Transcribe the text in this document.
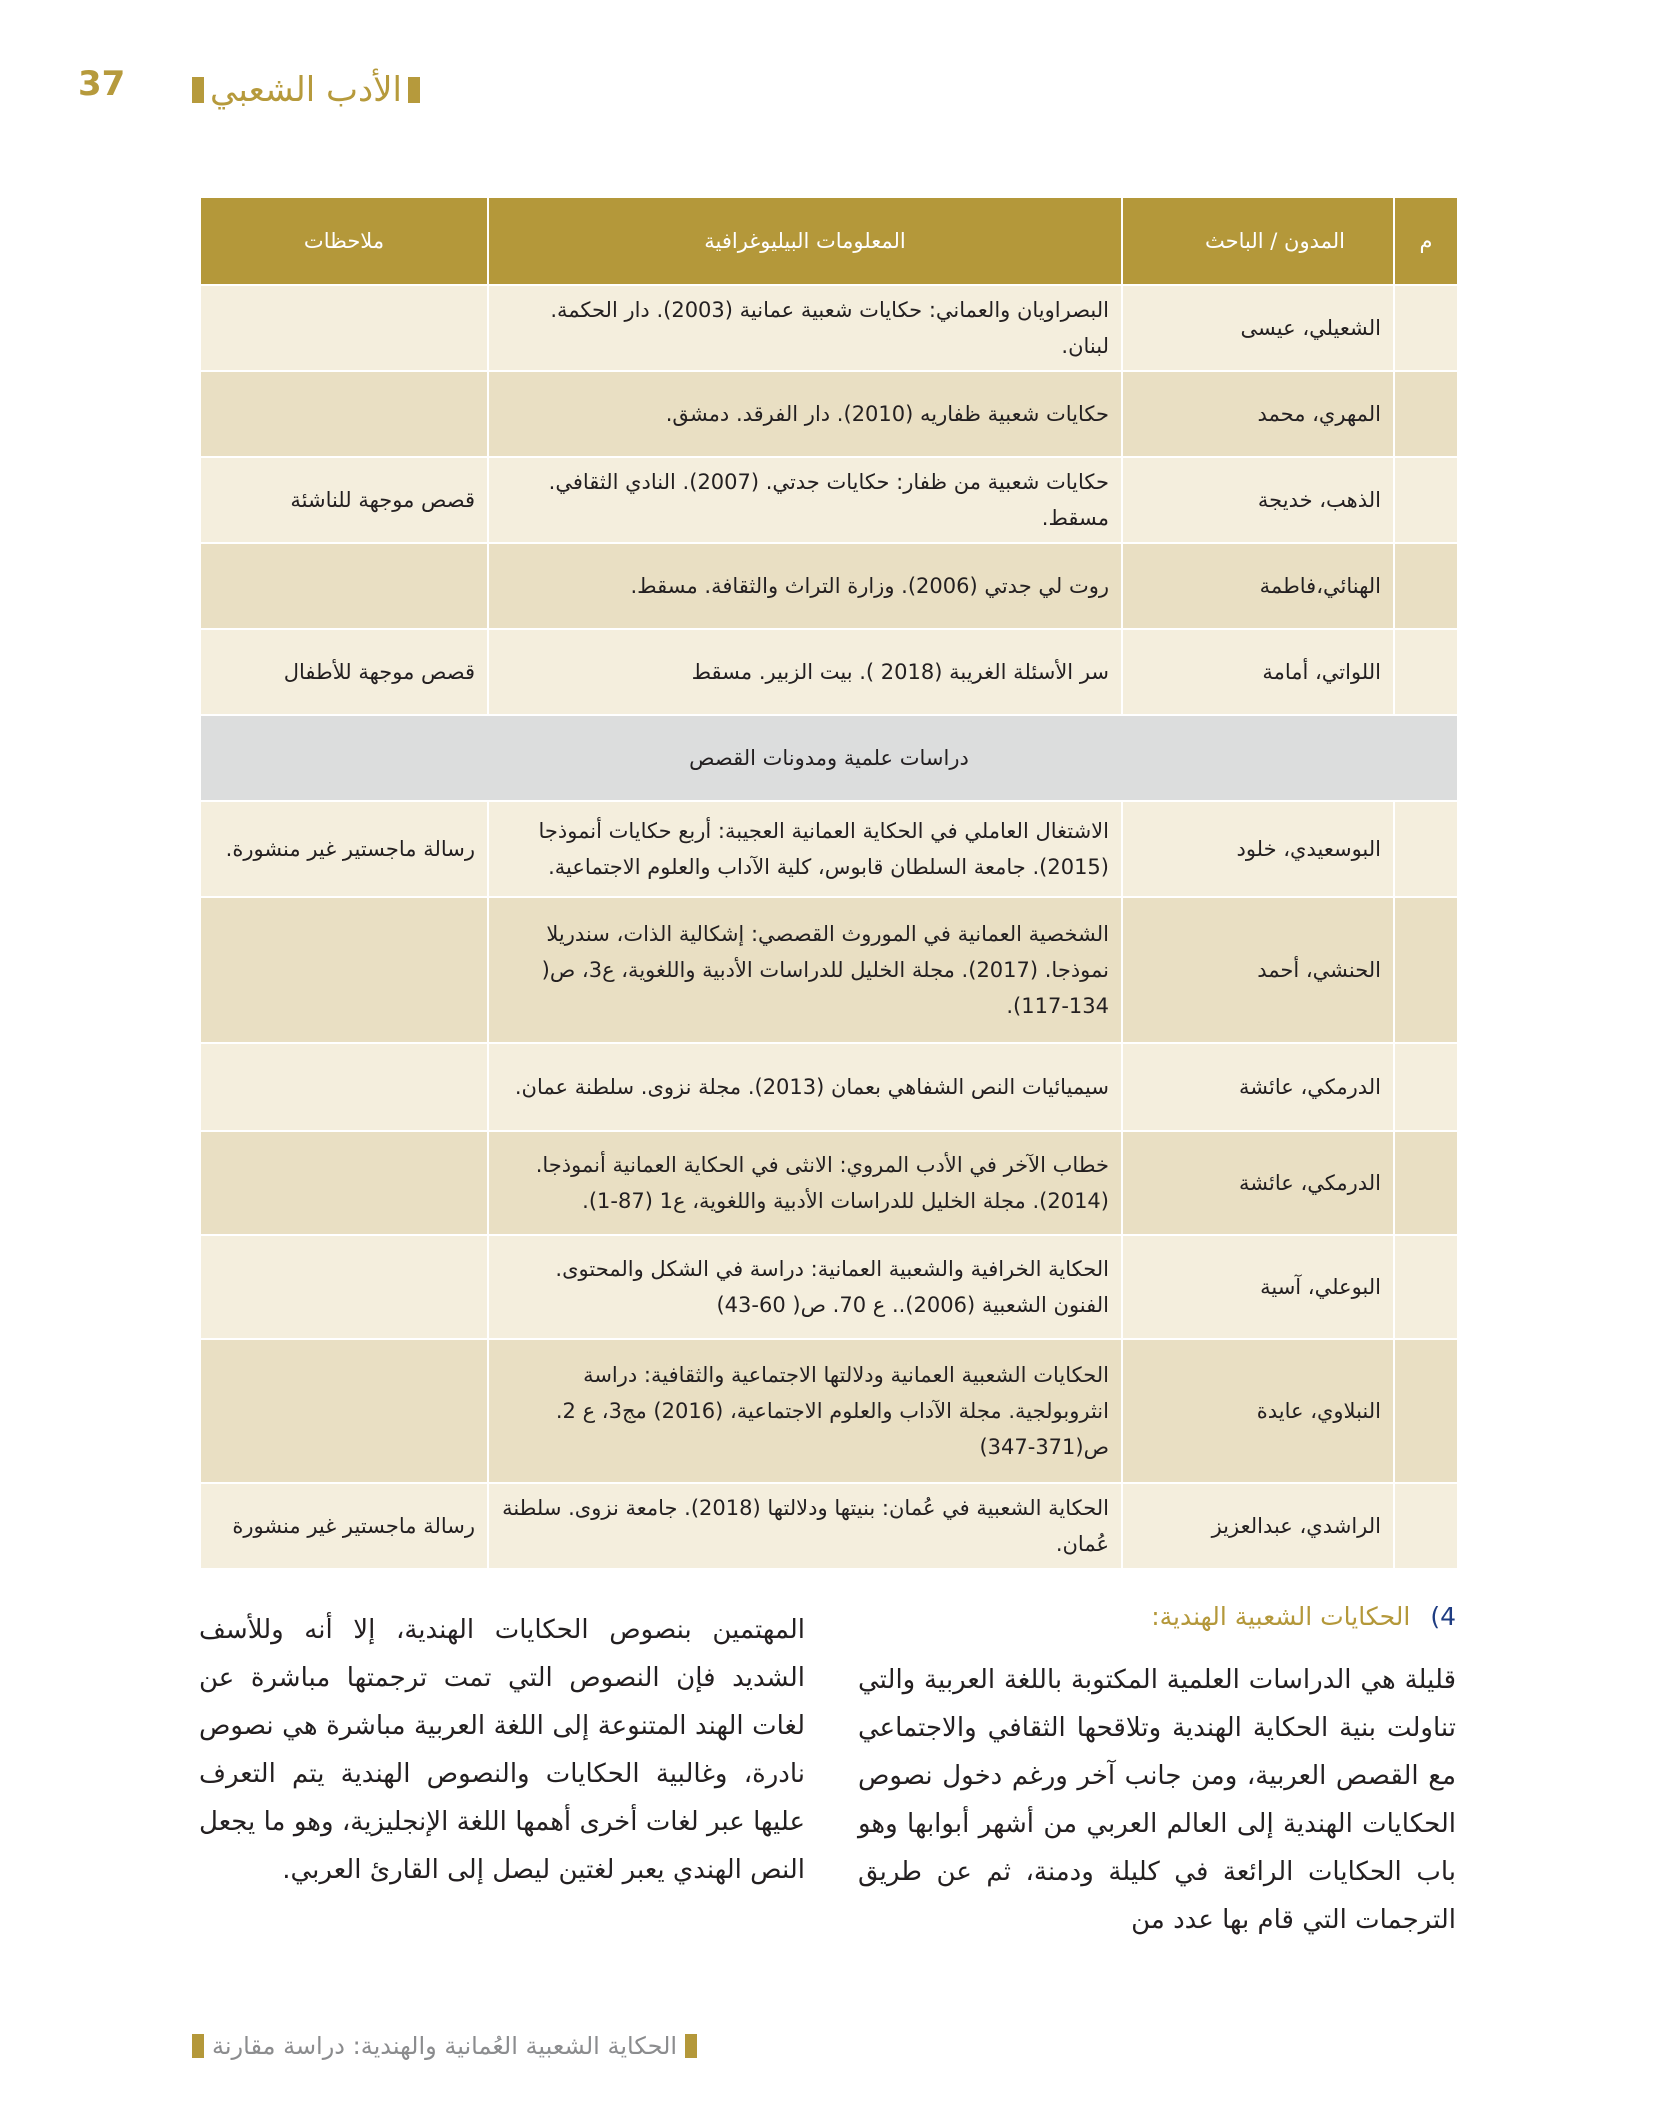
37 الأدب الشعبي
م	المدون / الباحث	المعلومات البيليوغرافية	ملاحظات
	الشعيلي، عيسى	البصراويان والعماني: حكايات شعبية عمانية (2003). دار الحكمة. لبنان.	
	المهري، محمد	حكايات شعبية ظفاريه (2010). دار الفرقد. دمشق.	
	الذهب، خديجة	حكايات شعبية من ظفار: حكايات جدتي. (2007). النادي الثقافي. مسقط.	قصص موجهة للناشئة
	الهنائي،فاطمة	روت لي جدتي (2006). وزارة التراث والثقافة. مسقط.	
	اللواتي، أمامة	سر الأسئلة الغريبة (2018 ). بيت الزبير. مسقط	قصص موجهة للأطفال
دراسات علمية ومدونات القصص			
	البوسعيدي، خلود	الاشتغال العاملي في الحكاية العمانية العجيبة: أربع حكايات أنموذجا (2015). جامعة السلطان قابوس، كلية الآداب والعلوم الاجتماعية.	رسالة ماجستير غير منشورة.
	الحنشي، أحمد	الشخصية العمانية في الموروث القصصي: إشكالية الذات، سندريلا نموذجا. (2017). مجلة الخليل للدراسات الأدبية واللغوية، ع3، ص( 134-117).	
	الدرمكي، عائشة	سيميائيات النص الشفاهي بعمان (2013). مجلة نزوى. سلطنة عمان.	
	الدرمكي، عائشة	خطاب الآخر في الأدب المروي: الانثى في الحكاية العمانية أنموذجا. (2014). مجلة الخليل للدراسات الأدبية واللغوية، ع1 (87-1).	
	البوعلي، آسية	الحكاية الخرافية والشعبية العمانية: دراسة في الشكل والمحتوى. الفنون الشعبية (2006).. ع 70. ص( 60-43)	
	النبلاوي، عايدة	الحكايات الشعبية العمانية ودلالتها الاجتماعية والثقافية: دراسة انثروبولجية. مجلة الآداب والعلوم الاجتماعية، (2016) مج3، ع 2. ص(371-347)	
	الراشدي، عبدالعزيز	الحكاية الشعبية في عُمان: بنيتها ودلالتها (2018). جامعة نزوى. سلطنة عُمان.	رسالة ماجستير غير منشورة
4)
الحكايات الشعبية الهندية:
قليلة هي الدراسات العلمية المكتوبة باللغة العربية والتي تناولت بنية الحكاية الهندية وتلاقحها الثقافي والاجتماعي مع القصص العربية، ومن جانب آخر ورغم دخول نصوص الحكايات الهندية إلى العالم العربي من أشهر أبوابها وهو باب الحكايات الرائعة في كليلة ودمنة، ثم عن طريق الترجمات التي قام بها عدد من
المهتمين بنصوص الحكايات الهندية، إلا أنه وللأسف الشديد فإن النصوص التي تمت ترجمتها مباشرة عن لغات الهند المتنوعة إلى اللغة العربية مباشرة هي نصوص نادرة، وغالبية الحكايات والنصوص الهندية يتم التعرف عليها عبر لغات أخرى أهمها اللغة الإنجليزية، وهو ما يجعل النص الهندي يعبر لغتين ليصل إلى القارئ العربي.
الحكاية الشعبية العُمانية والهندية: دراسة مقارنة
